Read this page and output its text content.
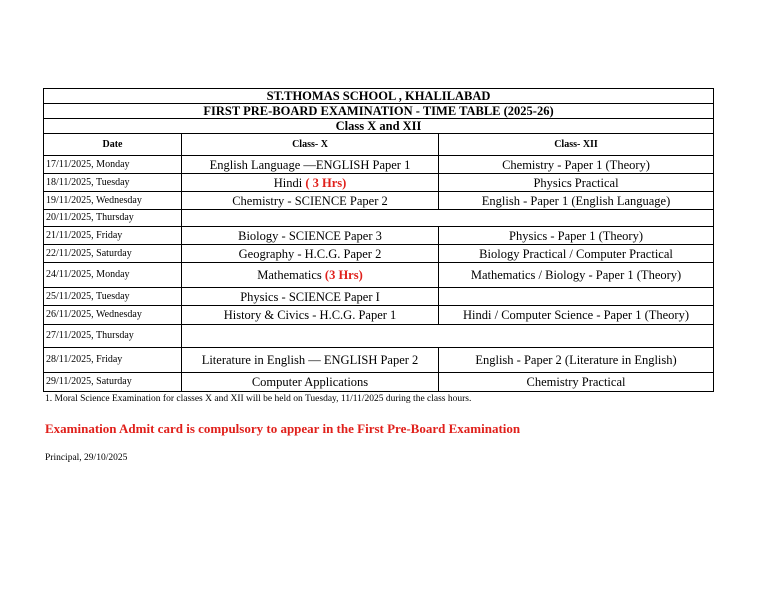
ST.THOMAS SCHOOL , KHALILABAD		
FIRST PRE-BOARD EXAMINATION - TIME TABLE (2025-26)		
Class X and XII		
Date	Class- X	Class- XII
17/11/2025, Monday	English Language —ENGLISH Paper 1	Chemistry - Paper 1 (Theory)
18/11/2025, Tuesday	Hindi ( 3 Hrs)	Physics Practical
19/11/2025, Wednesday	Chemistry - SCIENCE Paper 2	English - Paper 1 (English Language)
20/11/2025, Thursday		
21/11/2025, Friday	Biology - SCIENCE Paper 3	Physics - Paper 1 (Theory)
22/11/2025, Saturday	Geography - H.C.G. Paper 2	Biology Practical / Computer Practical
24/11/2025, Monday	Mathematics (3 Hrs)	Mathematics / Biology - Paper 1 (Theory)
25/11/2025, Tuesday	Physics - SCIENCE Paper I	
26/11/2025, Wednesday	History & Civics - H.C.G. Paper 1	Hindi / Computer Science - Paper 1 (Theory)
27/11/2025, Thursday		
28/11/2025, Friday	Literature in English — ENGLISH Paper 2	English - Paper 2 (Literature in English)
29/11/2025, Saturday	Computer Applications	Chemistry Practical

1. Moral Science Examination for classes X and XII will be held on Tuesday, 11/11/2025 during the class hours.

Examination Admit card is compulsory to appear in the First Pre-Board Examination

Principal, 29/10/2025
